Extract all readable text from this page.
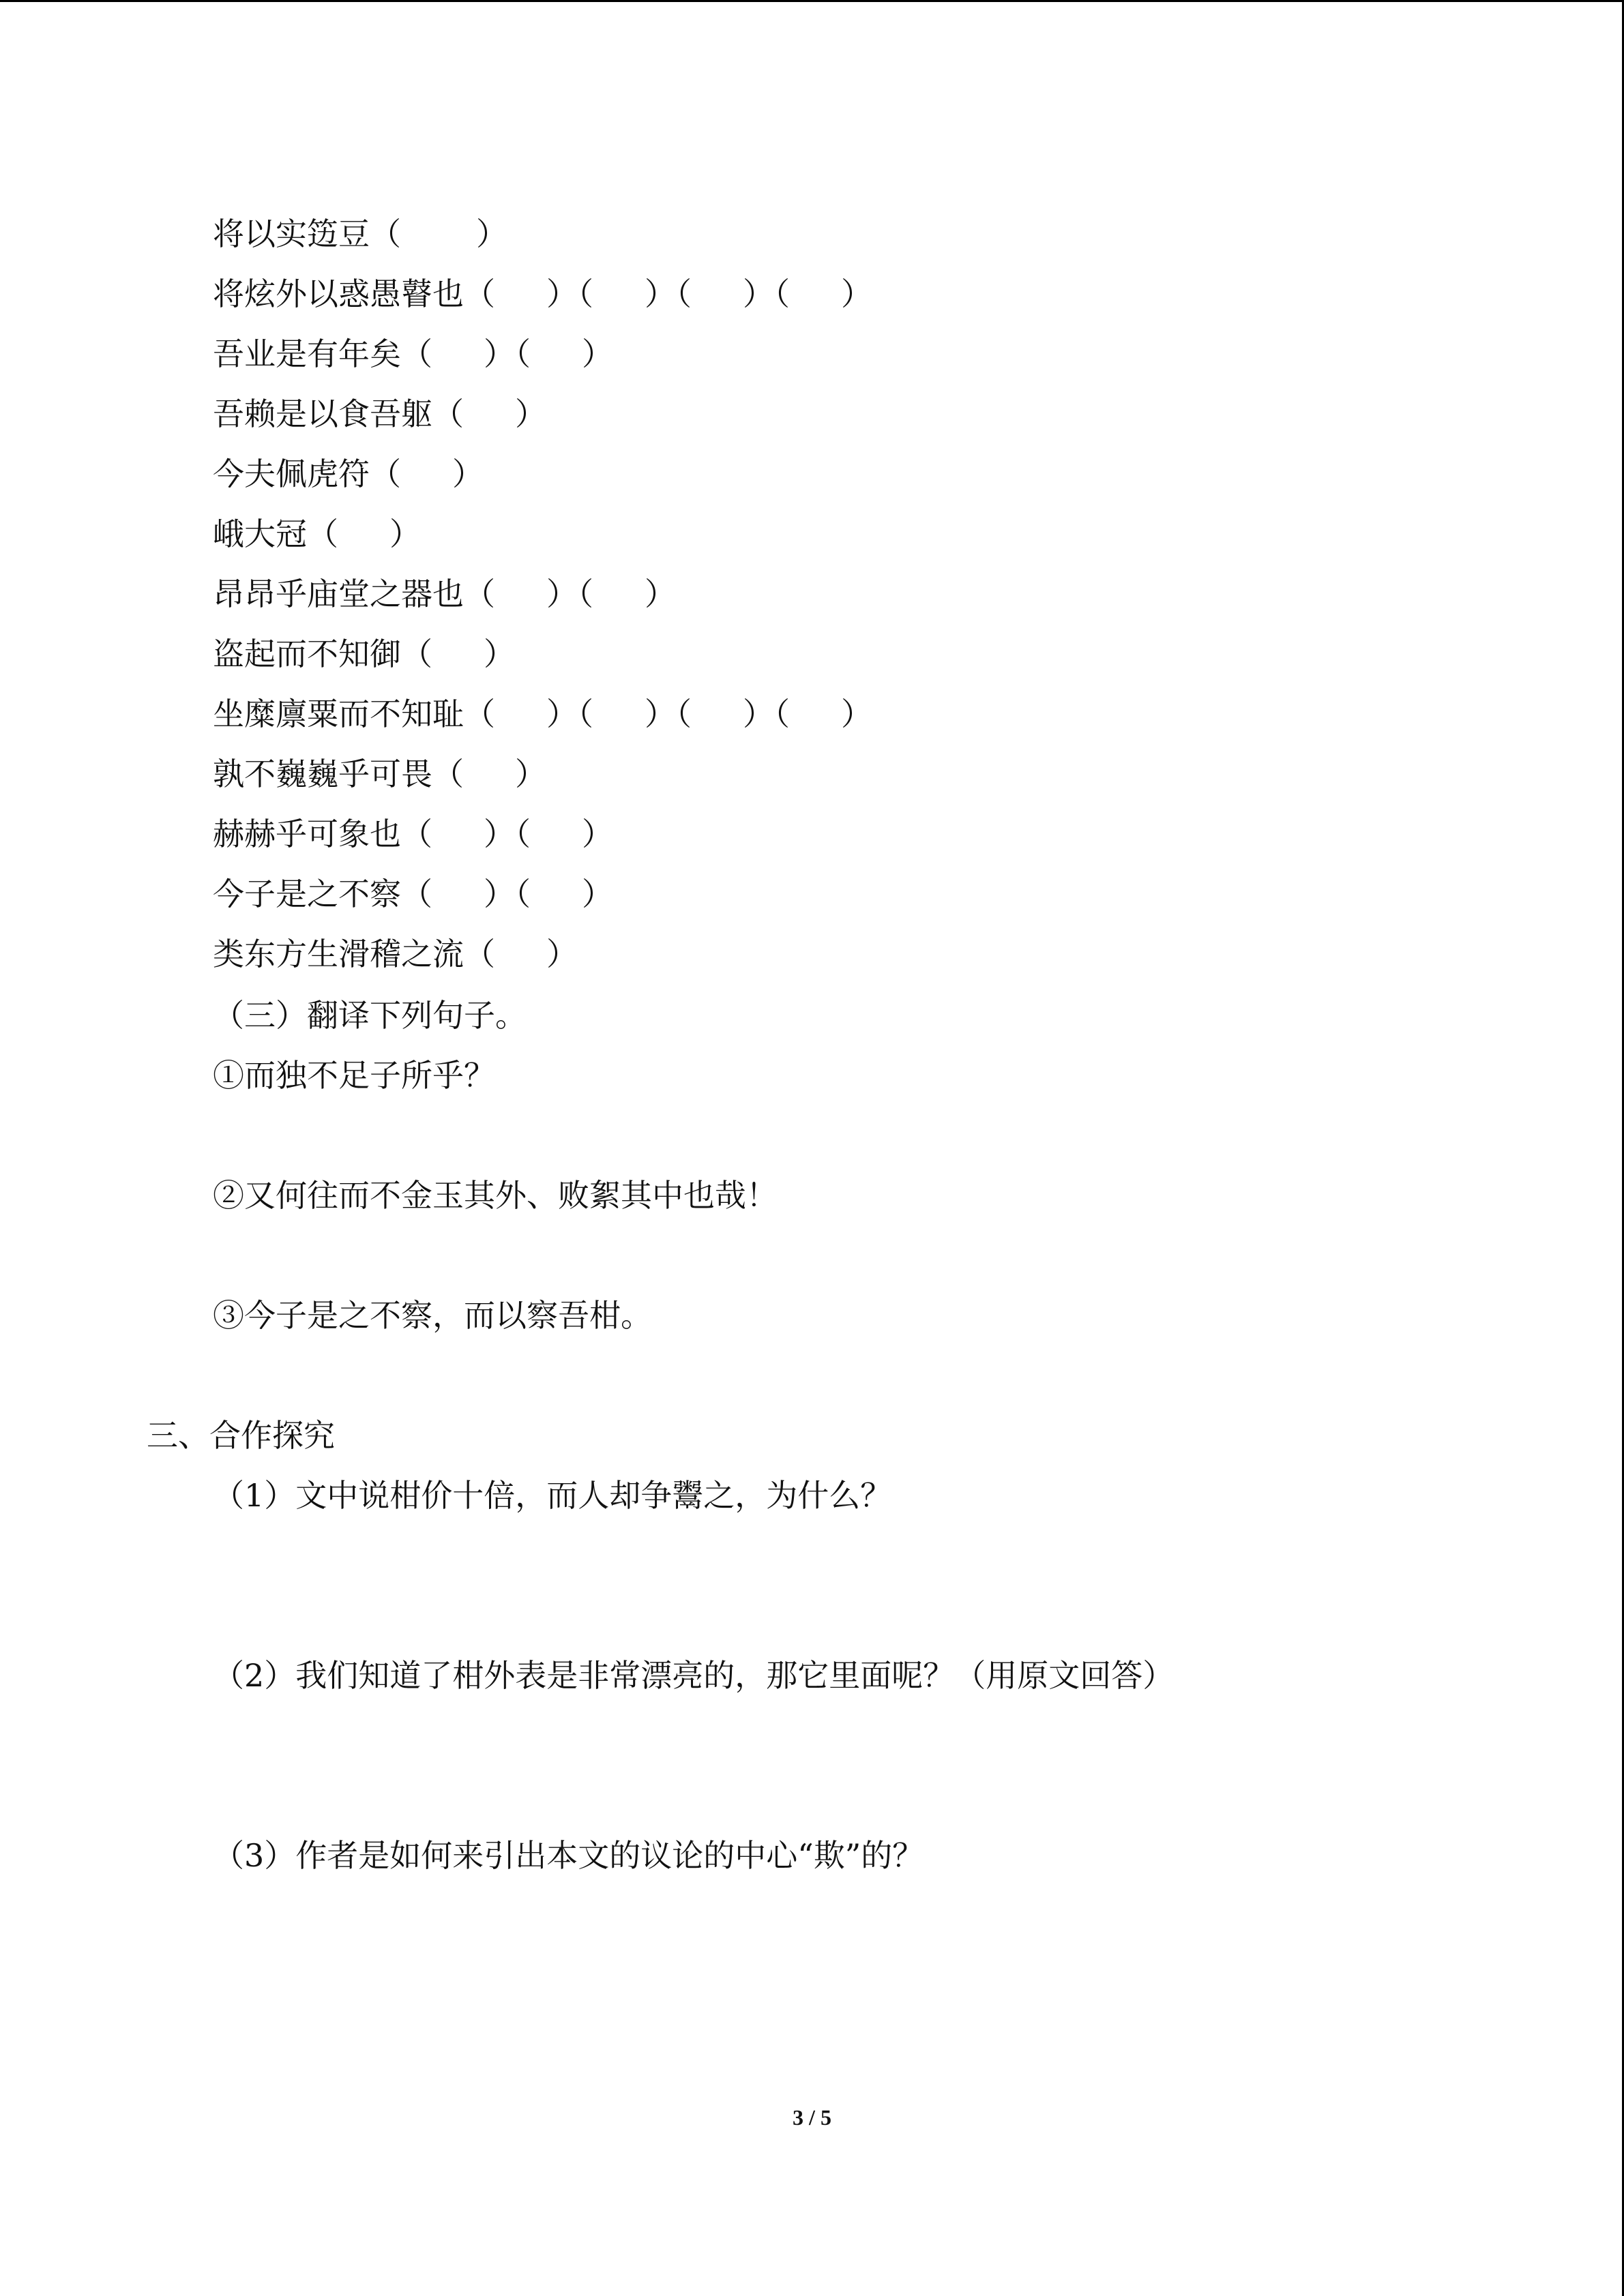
将以实笾豆（ ）
将炫外以惑愚瞽也（ ）（ ）（ ）（ ）
吾业是有年矣（ ）（ ）
吾赖是以食吾躯（ ）
今夫佩虎符（ ）
峨大冠（ ）
昂昂乎庙堂之器也（ ）（ ）
盗起而不知御（ ）
坐糜廪粟而不知耻（ ）（ ）（ ）（ ）
孰不巍巍乎可畏（ ）
赫赫乎可象也（ ）（ ）
今子是之不察（ ）（ ）
类东方生滑稽之流（ ）
（三）翻译下列句子。
①而独不足子所乎？
②又何往而不金玉其外、败絮其中也哉！
③今子是之不察，而以察吾柑。
三、合作探究
（1）文中说柑价十倍，而人却争鬻之，为什么？
（2）我们知道了柑外表是非常漂亮的，那它里面呢？（用原文回答）
（3）作者是如何来引出本文的议论的中心“欺”的？
3 / 5
